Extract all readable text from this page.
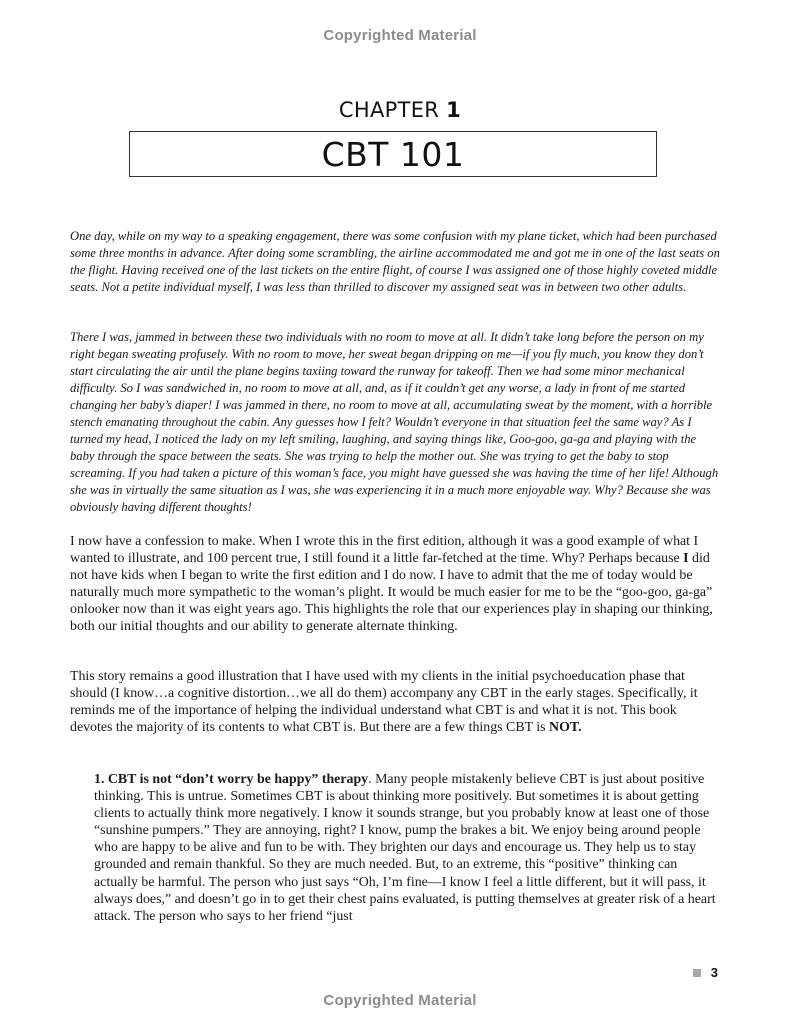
Copyrighted Material
CHAPTER 1
CBT 101

One day, while on my way to a speaking engagement, there was some confusion with my plane ticket, which had been purchased some three months in advance. After doing some scrambling, the airline accommodated me and got me in one of the last seats on the flight. Having received one of the last tickets on the entire flight, of course I was assigned one of those highly coveted middle seats. Not a petite individual myself, I was less than thrilled to discover my assigned seat was in between two other adults.

There I was, jammed in between these two individuals with no room to move at all. It didn’t take long before the person on my right began sweating profusely. With no room to move, her sweat began dripping on me—if you fly much, you know they don’t start circulating the air until the plane begins taxiing toward the runway for takeoff. Then we had some minor mechanical difficulty. So I was sandwiched in, no room to move at all, and, as if it couldn’t get any worse, a lady in front of me started changing her baby’s diaper! I was jammed in there, no room to move at all, accumulating sweat by the moment, with a horrible stench emanating throughout the cabin. Any guesses how I felt? Wouldn’t everyone in that situation feel the same way? As I turned my head, I noticed the lady on my left smiling, laughing, and saying things like, Goo-goo, ga-ga and playing with the baby through the space between the seats. She was trying to help the mother out. She was trying to get the baby to stop screaming. If you had taken a picture of this woman’s face, you might have guessed she was having the time of her life! Although she was in virtually the same situation as I was, she was experiencing it in a much more enjoyable way. Why? Because she was obviously having different thoughts!

I now have a confession to make. When I wrote this in the first edition, although it was a good example of what I wanted to illustrate, and 100 percent true, I still found it a little far-fetched at the time. Why? Perhaps because I did not have kids when I began to write the first edition and I do now. I have to admit that the me of today would be naturally much more sympathetic to the woman’s plight. It would be much easier for me to be the “goo-goo, ga-ga” onlooker now than it was eight years ago. This highlights the role that our experiences play in shaping our thinking, both our initial thoughts and our ability to generate alternate thinking.

This story remains a good illustration that I have used with my clients in the initial psychoeducation phase that should (I know…a cognitive distortion…we all do them) accompany any CBT in the early stages. Specifically, it reminds me of the importance of helping the individual understand what CBT is and what it is not. This book devotes the majority of its contents to what CBT is. But there are a few things CBT is NOT.

1. CBT is not “don’t worry be happy” therapy. Many people mistakenly believe CBT is just about positive thinking. This is untrue. Sometimes CBT is about thinking more positively. But sometimes it is about getting clients to actually think more negatively. I know it sounds strange, but you probably know at least one of those “sunshine pumpers.” They are annoying, right? I know, pump the brakes a bit. We enjoy being around people who are happy to be alive and fun to be with. They brighten our days and encourage us. They help us to stay grounded and remain thankful. So they are much needed. But, to an extreme, this “positive” thinking can actually be harmful. The person who just says “Oh, I’m fine—I know I feel a little different, but it will pass, it always does,” and doesn’t go in to get their chest pains evaluated, is putting themselves at greater risk of a heart attack. The person who says to her friend “just

3
Copyrighted Material
